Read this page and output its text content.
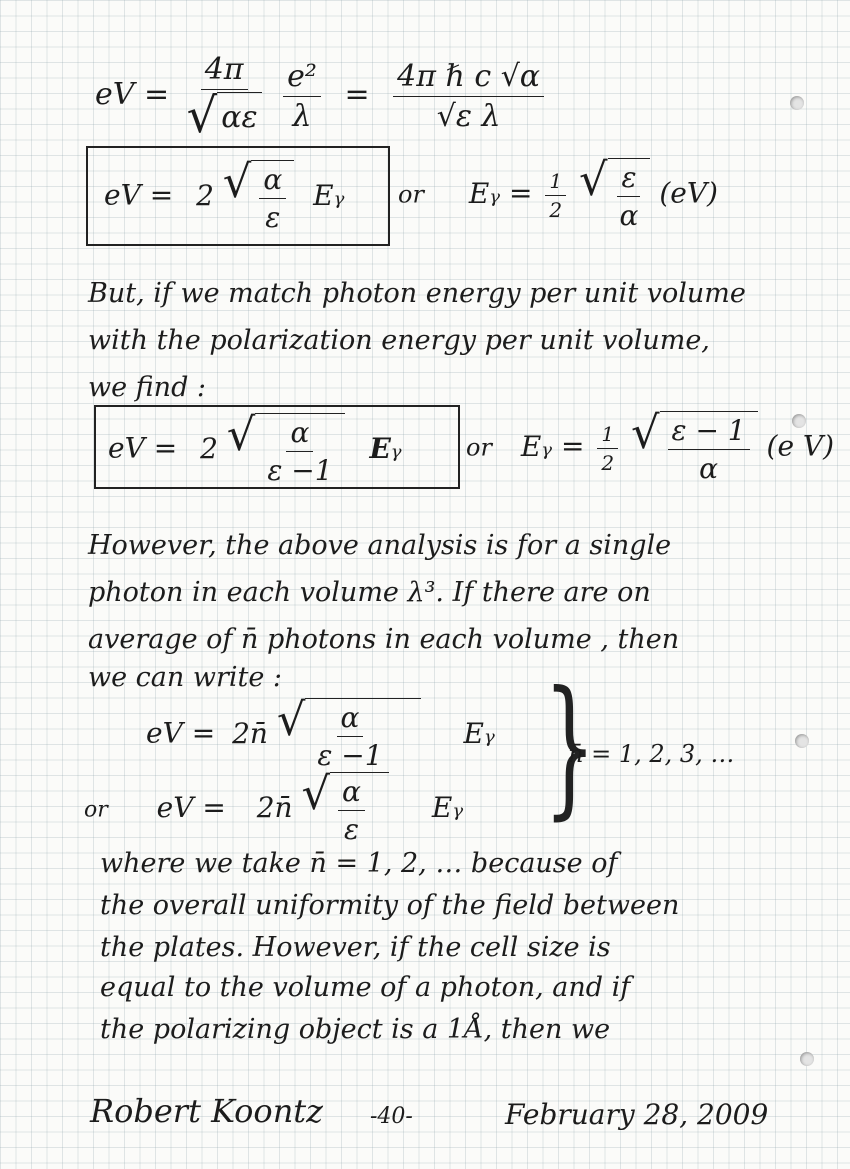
eV = $\frac{4\pi}{√ \alpha\varepsilon}$
$\frac{\text{e²}}{\lambda} = \frac{\text{4π ℏ c √α}}{\text{√ε λ}}$
eV = 2 √ $\frac{\alpha}{\varepsilon}$ Eγ or $E\gamma = \frac{1}{2}$
√ $\frac{\varepsilon}{\alpha} (eV)$
But, if we match photon energy per unit volume
with the polarization energy per unit volume,
we find :
eV = 2 √ $\frac{\alpha}{\varepsilon -1}$ Eγ	or $E\gamma = \frac{1}{2}$
√ $\frac{\varepsilon - 1}{\alpha} (e$ V)
However, the above analysis is for a single
photon in each volume λ³. If there are on
average of n̄ photons in each volume , then
we can write :
eV = 2n̄ √ $\frac{\alpha}{\varepsilon -1}$	Eγ
or eV = 2n̄ √ $\frac{\alpha}{\varepsilon}$ Eγ }
n̄ = 1, 2, 3, …
where we take n̄ = 1, 2, … because of
the overall uniformity of the field between
the plates. However, if the cell size is
equal to the volume of a photon, and if
the polarizing object is a 1Å, then we
Robert Koontz -40-	February 28, 2009
